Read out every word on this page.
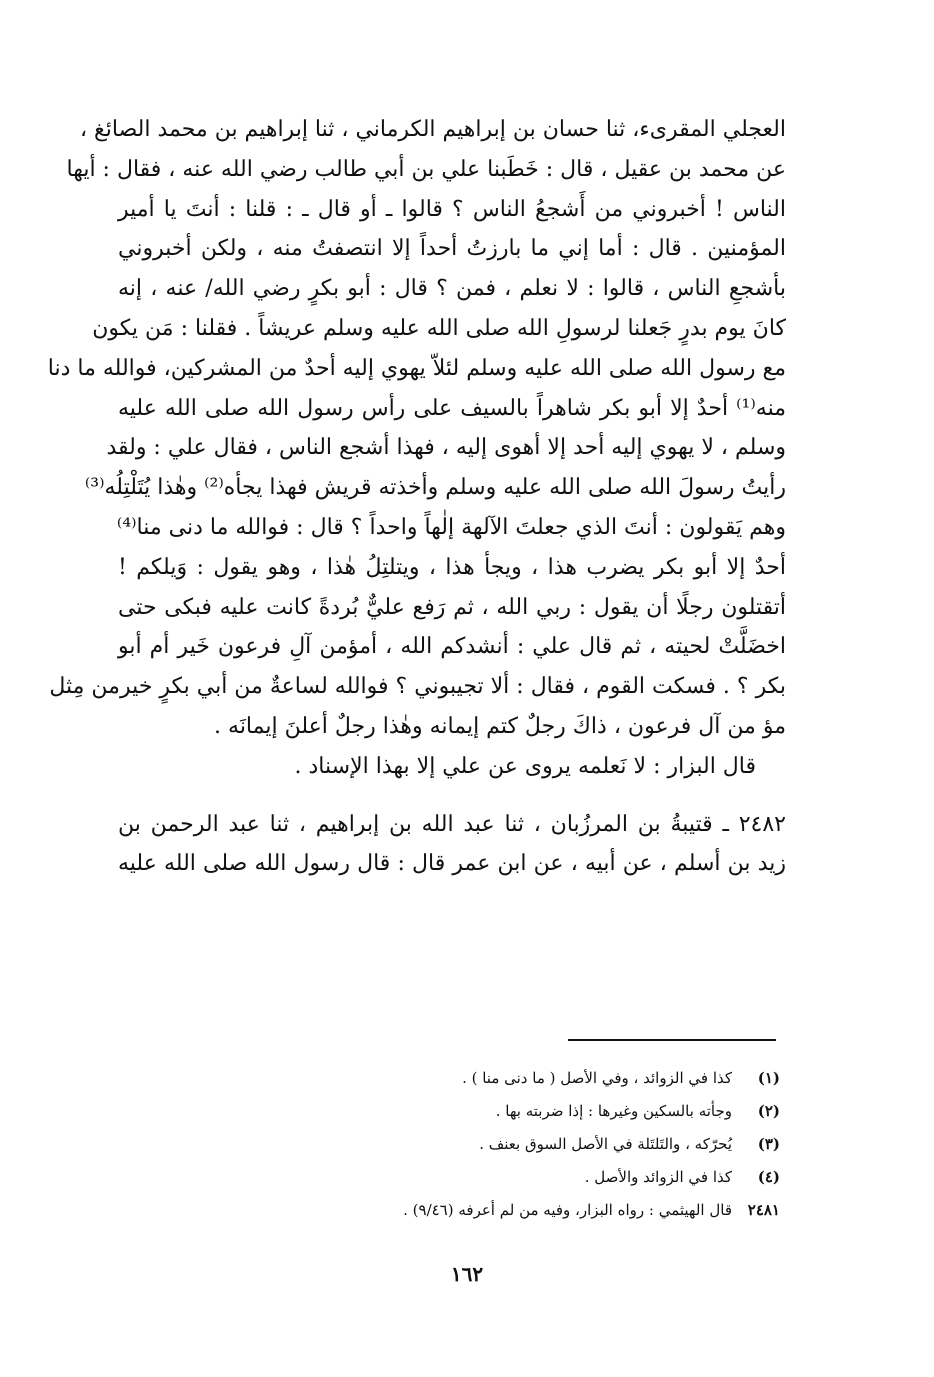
العجلي المقرىء، ثنا حسان بن إبراهيم الكرماني ، ثنا إبراهيم بن محمد الصائغ ،
عن محمد بن عقيل ، قال : خَطَبنا علي بن أبي طالب رضي الله عنه ، فقال : أيها
الناس ! أخبروني من أَشجعُ الناس ؟ قالوا ـ أو قال ـ : قلنا : أنتَ يا أمير
المؤمنين . قال : أما إني ما بارزتُ أحداً إلا انتصفتُ منه ، ولكن أخبروني
بأشجعِ الناس ، قالوا : لا نعلم ، فمن ؟ قال : أبو بكرٍ رضي الله/ عنه ، إنه
كانَ يوم بدرٍ جَعلنا لرسولِ الله صلى الله عليه وسلم عريشاً . فقلنا : مَن يكون
مع رسول الله صلى الله عليه وسلم لئلاّ يهوي إليه أحدٌ من المشركين، فوالله ما دنا
منه⁽¹⁾ أحدٌ إلا أبو بكر شاهراً بالسيف على رأس رسول الله صلى الله عليه
وسلم ، لا يهوي إليه أحد إلا أهوى إليه ، فهذا أشجع الناس ، فقال علي : ولقد
رأيتُ رسولَ الله صلى الله عليه وسلم وأخذته قريش فهذا يجأه⁽²⁾ وهٰذا يُتَلْتِلُه⁽³⁾
وهم يَقولون : أنتَ الذي جعلتَ الآلهة إلٰهاً واحداً ؟ قال : فوالله ما دنى منا⁽⁴⁾
أحدٌ إلا أبو بكر يضرب هذا ، ويجأ هذا ، ويتلتِلُ هٰذا ، وهو يقول : وَيلكم !
أتقتلون رجلًا أن يقول : ربي الله ، ثم رَفع عليٌّ بُردةً كانت عليه فبكى حتى
اخضَلَّتْ لحيته ، ثم قال علي : أنشدكم الله ، أمؤمن آلِ فرعون خَير أم أبو
بكر ؟ . فسكت القوم ، فقال : ألا تجيبوني ؟ فوالله لساعةٌ من أبي بكرٍ خيرمن مِثل
مؤ من آل فرعون ، ذاكَ رجلٌ كتم إيمانه وهٰذا رجلٌ أعلنَ إيمانَه .
قال البزار : لا نَعلمه يروى عن علي إلا بهذا الإسناد .
٢٤٨٢ ـ قتيبةُ بن المرزُبان ، ثنا عبد الله بن إبراهيم ، ثنا عبد الرحمن بن
زيد بن أسلم ، عن أبيه ، عن ابن عمر قال : قال رسول الله صلى الله عليه
(١)
كذا في الزوائد ، وفي الأصل ( ما دنى منا ) .
(٢)
وجأته بالسكين وغيرها : إذا ضربته بها .
(٣)
يُحرّكه ، والتَلتَلة في الأصل السوق بعنف .
(٤)
كذا في الزوائد والأصل .
٢٤٨١
قال الهيثمي : رواه البزار، وفيه من لم أعرفه (٩/٤٦) .
١٦٢
